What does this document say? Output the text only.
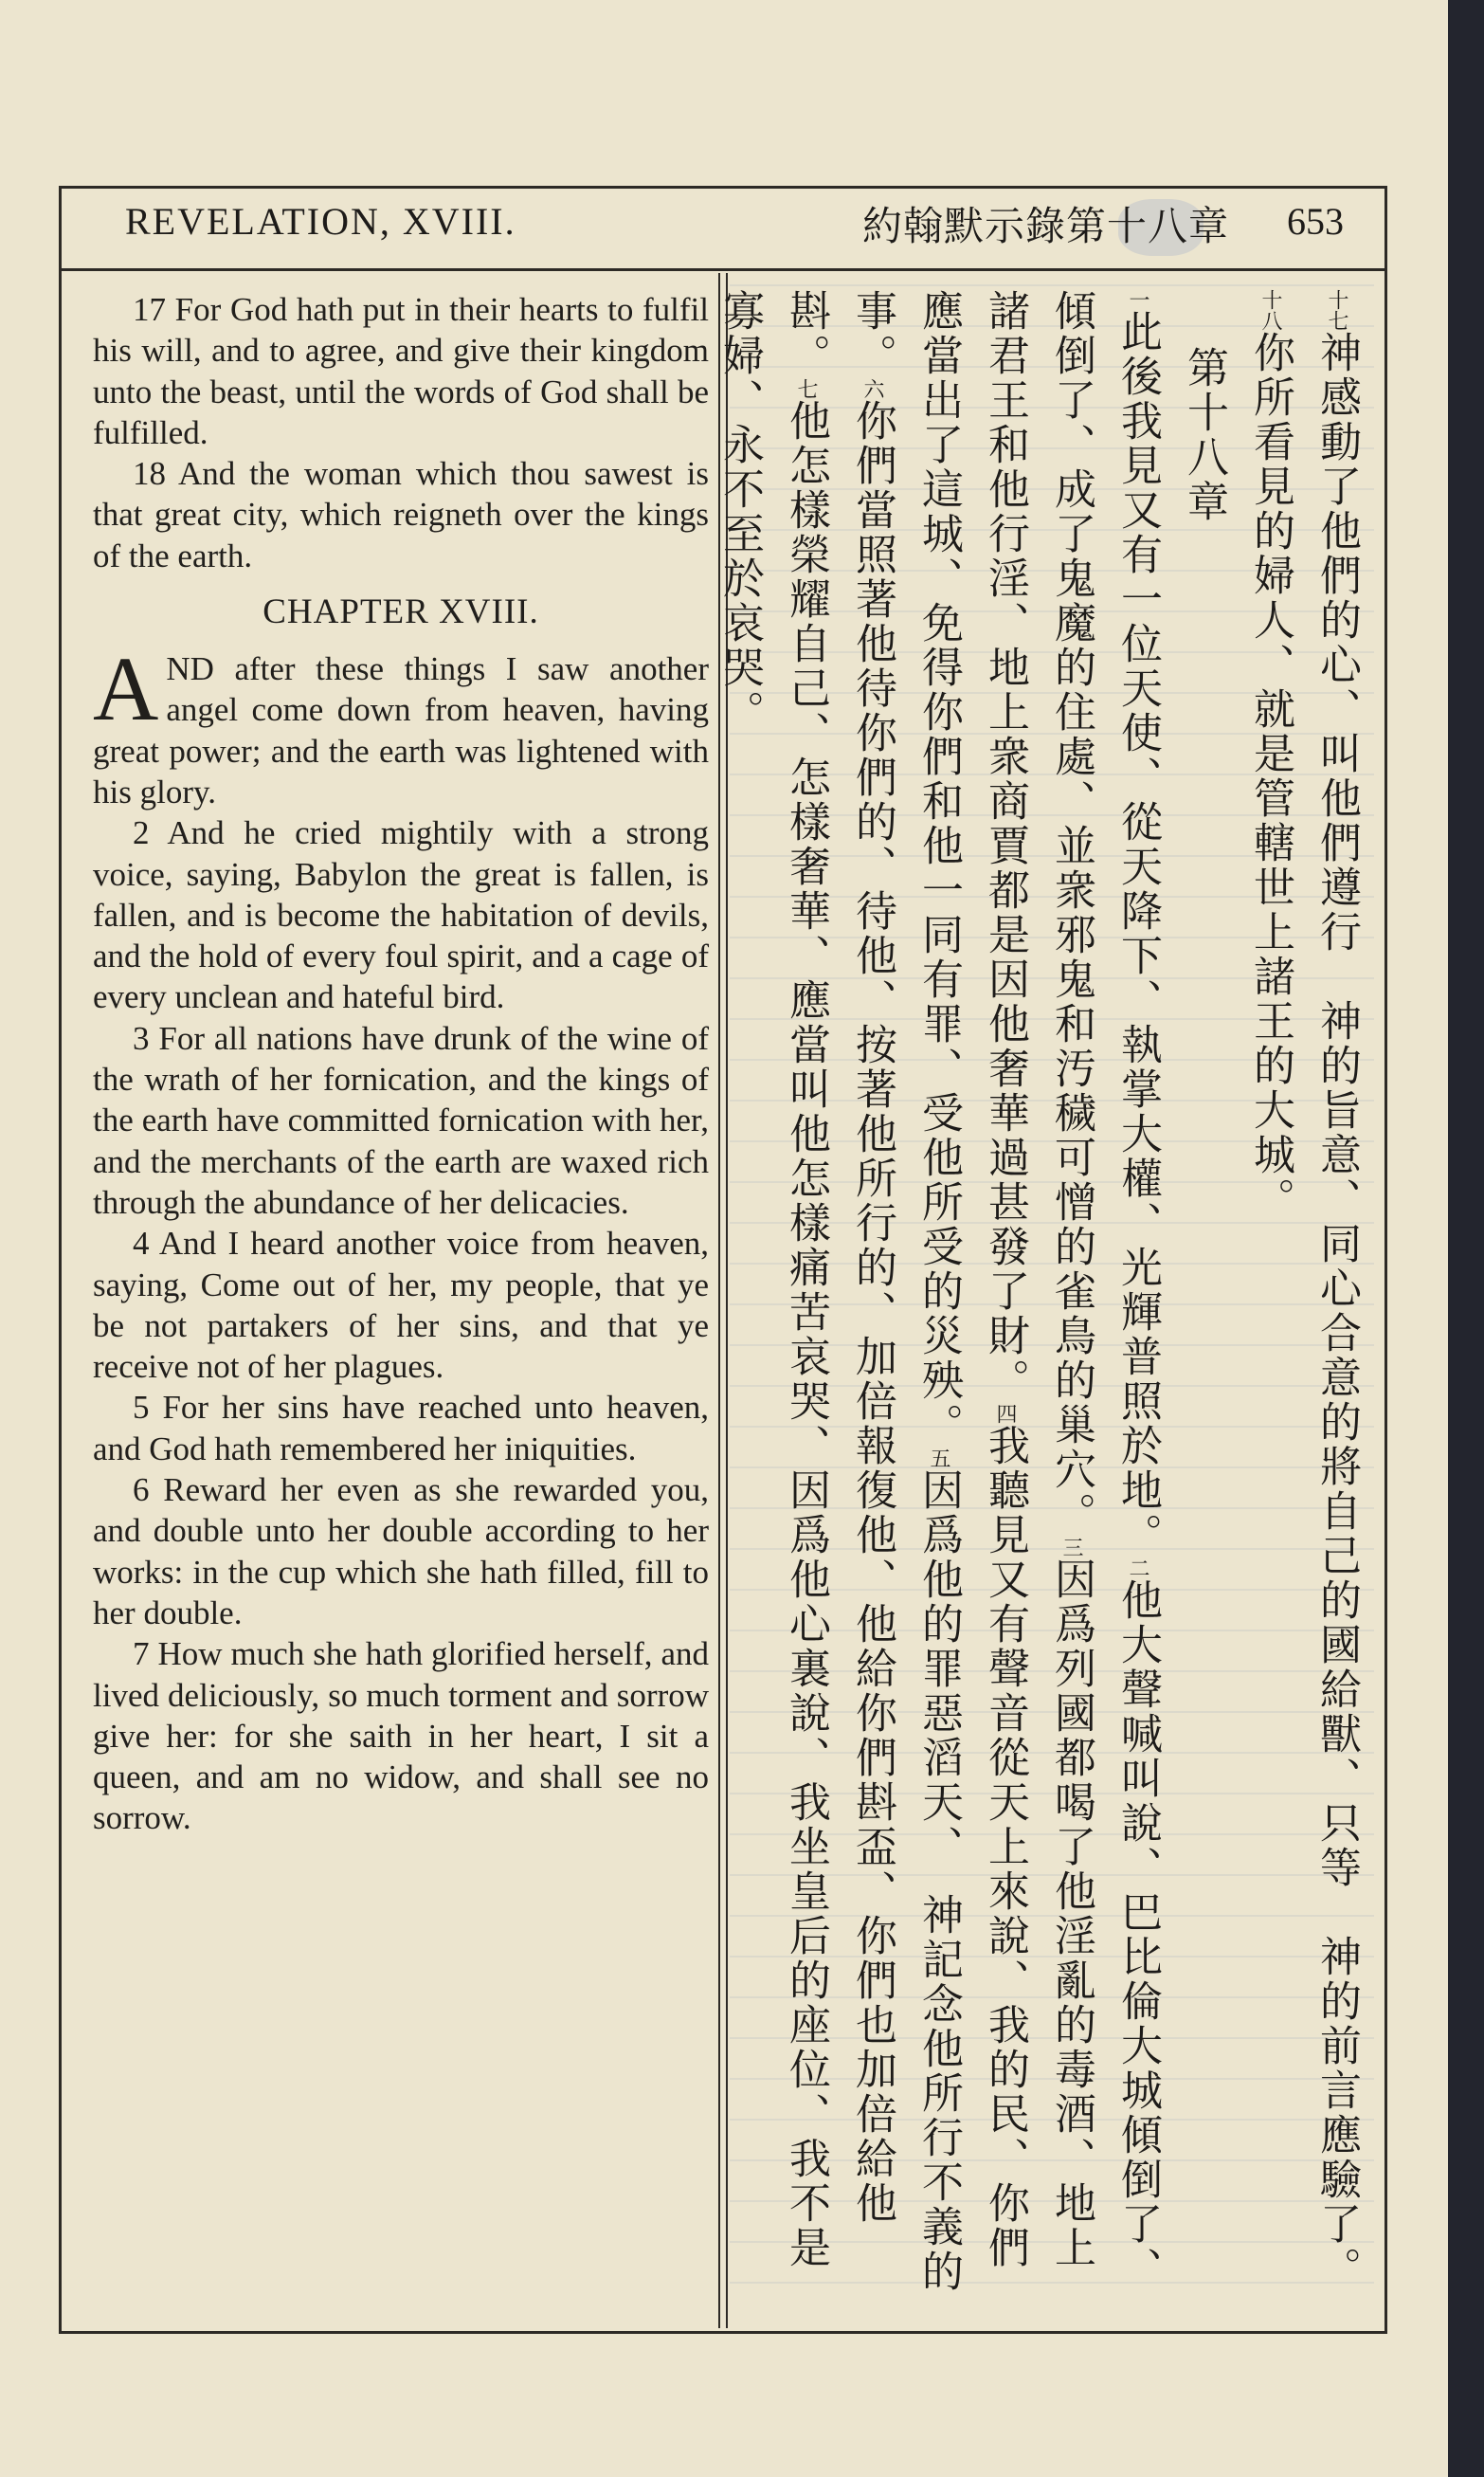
REVELATION, XVIII.	約翰默示錄第十八章 653

17 For God hath put in their hearts to fulfil his will, and to agree, and give their kingdom unto the beast, until the words of God shall be fulfilled.

18 And the woman which thou sawest is that great city, which reigneth over the kings of the earth.

CHAPTER XVIII.

AND after these things I saw another angel come down from heaven, having great power; and the earth was lightened with his glory.

2 And he cried mightily with a strong voice, saying, Babylon the great is fallen, is fallen, and is become the habitation of devils, and the hold of every foul spirit, and a cage of every unclean and hateful bird.

3 For all nations have drunk of the wine of the wrath of her fornication, and the kings of the earth have committed fornication with her, and the merchants of the earth are waxed rich through the abundance of her delicacies.

4 And I heard another voice from heaven, saying, Come out of her, my people, that ye be not partakers of her sins, and that ye receive not of her plagues.

5 For her sins have reached unto heaven, and God hath remembered her iniquities.

6 Reward her even as she rewarded you, and double unto her double according to her works: in the cup which she hath filled, fill to her double.

7 How much she hath glorified herself, and lived deliciously, so much torment and sorrow give her: for she saith in her heart, I sit a queen, and am no widow, and shall see no sorrow.

十七神感動了他們的心、叫他們遵行　神的旨意、同心合意的將自己的國給獸、只等　神的前言應驗了。十八你所看見的婦人、就是管轄世上諸王的大城。

第十八章

一此後我見又有一位天使、從天降下、執掌大權、光輝普照於地。二他大聲喊叫說、巴比倫大城傾倒了、傾倒了、成了鬼魔的住處、並衆邪鬼和汚穢可憎的雀鳥的巢穴。三因爲列國都喝了他淫亂的毒酒、地上諸君王和他行淫、地上衆商賈都是因他奢華過甚發了財。四我聽見又有聲音從天上來說、我的民、你們應當出了這城、免得你們和他一同有罪、受他所受的災殃。五因爲他的罪惡滔天、　神記念他所行不義的事。六你們當照著他待你們的、待他、按著他所行的、加倍報復他、他給你們斟盃、你們也加倍給他斟。七他怎樣榮耀自己、怎樣奢華、應當叫他怎樣痛苦哀哭、因爲他心裏說、我坐皇后的座位、我不是寡婦、永不至於哀哭。
